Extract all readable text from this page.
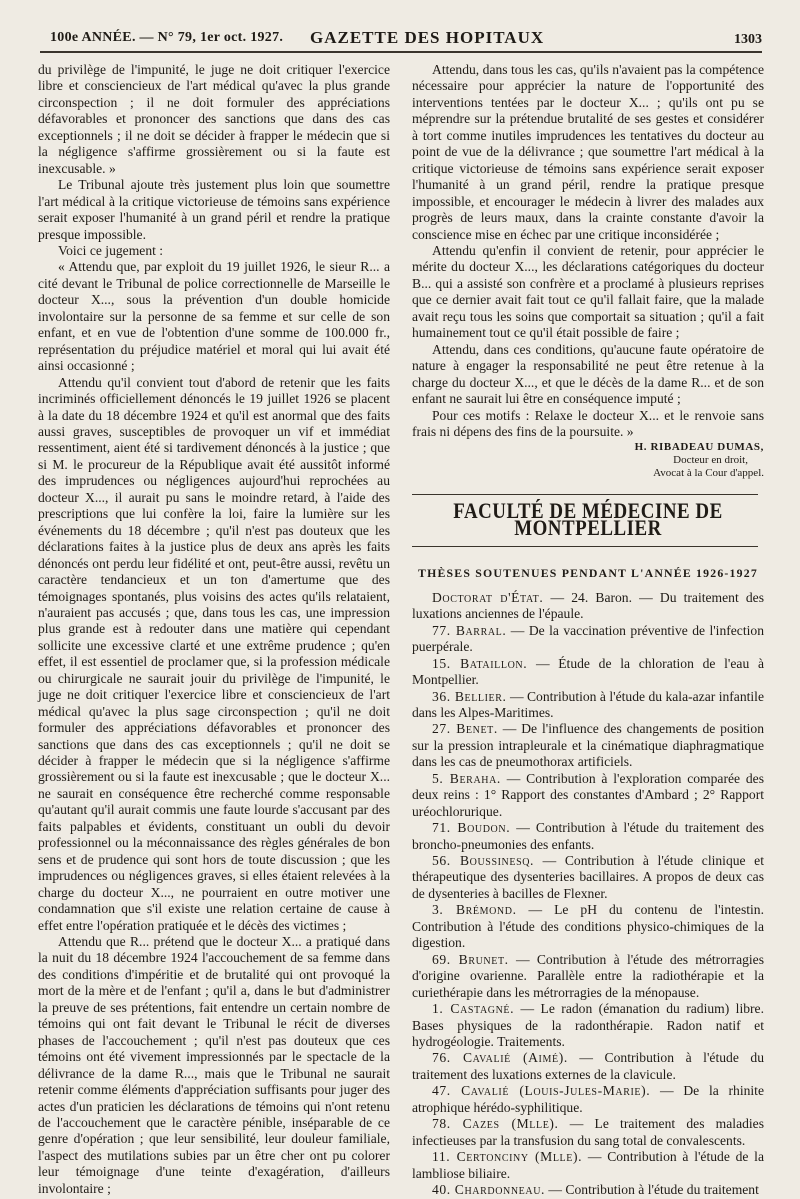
100e ANNÉE. — N° 79, 1er oct. 1927. GAZETTE DES HOPITAUX	1303

du privilège de l'impunité, le juge ne doit critiquer l'exercice libre et consciencieux de l'art médical qu'avec la plus grande circonspection ; il ne doit formuler des appréciations défavorables et prononcer des sanctions que dans des cas exceptionnels ; il ne doit se décider à frapper le médecin que si la négligence s'affirme grossièrement ou si la faute est inexcusable. »

Le Tribunal ajoute très justement plus loin que soumettre l'art médical à la critique victorieuse de témoins sans expérience serait exposer l'humanité à un grand péril et rendre la pratique presque impossible.

Voici ce jugement :

« Attendu que, par exploit du 19 juillet 1926, le sieur R... a cité devant le Tribunal de police correctionnelle de Marseille le docteur X..., sous la prévention d'un double homicide involontaire sur la personne de sa femme et sur celle de son enfant, et en vue de l'obtention d'une somme de 100.000 fr., représentation du préjudice matériel et moral qui lui avait été ainsi occasionné ;

Attendu qu'il convient tout d'abord de retenir que les faits incriminés officiellement dénoncés le 19 juillet 1926 se placent à la date du 18 décembre 1924 et qu'il est anormal que des faits aussi graves, susceptibles de provoquer un vif et immédiat ressentiment, aient été si tardivement dénoncés à la justice ; que si M. le procureur de la République avait été aussitôt informé des imprudences ou négligences aujourd'hui reprochées au docteur X..., il aurait pu sans le moindre retard, à l'aide des prescriptions que lui confère la loi, faire la lumière sur les événements du 18 décembre ; qu'il n'est pas douteux que les déclarations faites à la justice plus de deux ans après les faits dénoncés ont perdu leur fidélité et ont, peut-être aussi, revêtu un caractère tendancieux et un ton d'amertume que des témoignages spontanés, plus voisins des actes qu'ils relataient, n'auraient pas accusés ; que, dans tous les cas, une impression plus grande est à redouter dans une matière qui cependant sollicite une excessive clarté et une extrême prudence ; qu'en effet, il est essentiel de proclamer que, si la profession médicale ou chirurgicale ne saurait jouir du privilège de l'impunité, le juge ne doit critiquer l'exercice libre et consciencieux de l'art médical qu'avec la plus sage circonspection ; qu'il ne doit formuler des appréciations défavorables et prononcer des sanctions que dans des cas exceptionnels ; qu'il ne doit se décider à frapper le médecin que si la négligence s'affirme grossièrement ou si la faute est inexcusable ; que le docteur X... ne saurait en conséquence être recherché comme responsable qu'autant qu'il aurait commis une faute lourde s'accusant par des faits palpables et évidents, constituant un oubli du devoir professionnel ou la méconnaissance des règles générales de bon sens et de prudence qui sont hors de toute discussion ; que les imprudences ou négligences graves, si elles étaient relevées à la charge du docteur X..., ne pourraient en outre motiver une condamnation que s'il existe une relation certaine de cause à effet entre l'opération pratiquée et le décès des victimes ;

Attendu que R... prétend que le docteur X... a pratiqué dans la nuit du 18 décembre 1924 l'accouchement de sa femme dans des conditions d'impéritie et de brutalité qui ont provoqué la mort de la mère et de l'enfant ; qu'il a, dans le but d'administrer la preuve de ses prétentions, fait entendre un certain nombre de témoins qui ont fait devant le Tribunal le récit de diverses phases de l'accouchement ; qu'il n'est pas douteux que ces témoins ont été vivement impressionnés par le spectacle de la délivrance de la dame R..., mais que le Tribunal ne saurait retenir comme éléments d'appréciation suffisants pour juger des actes d'un praticien les déclarations de témoins qui n'ont retenu de l'accouchement que le caractère pénible, inséparable de ce genre d'opération ; que leur sensibilité, leur douleur familiale, l'aspect des mutilations subies par un être cher ont pu colorer leur témoignage d'une teinte d'exagération, d'ailleurs involontaire ;

Attendu, dans tous les cas, qu'ils n'avaient pas la compétence nécessaire pour apprécier la nature de l'opportunité des interventions tentées par le docteur X... ; qu'ils ont pu se méprendre sur la prétendue brutalité de ses gestes et considérer à tort comme inutiles imprudences les tentatives du docteur au point de vue de la délivrance ; que soumettre l'art médical à la critique victorieuse de témoins sans expérience serait exposer l'humanité à un grand péril, rendre la pratique presque impossible, et encourager le médecin à livrer des malades aux progrès de leurs maux, dans la crainte constante d'avoir la conscience mise en échec par une critique inconsidérée ;

Attendu qu'enfin il convient de retenir, pour apprécier le mérite du docteur X..., les déclarations catégoriques du docteur B... qui a assisté son confrère et a proclamé à plusieurs reprises que ce dernier avait fait tout ce qu'il fallait faire, que la malade avait reçu tous les soins que comportait sa situation ; qu'il a fait humainement tout ce qu'il était possible de faire ;

Attendu, dans ces conditions, qu'aucune faute opératoire de nature à engager la responsabilité ne peut être retenue à la charge du docteur X..., et que le décès de la dame R... et de son enfant ne saurait lui être en conséquence imputé ;

Pour ces motifs : Relaxe le docteur X... et le renvoie sans frais ni dépens des fins de la poursuite. »

H. RIBADEAU DUMAS,
Docteur en droit,
Avocat à la Cour d'appel.
FACULTÉ DE MÉDECINE DE MONTPELLIER
THÈSES SOUTENUES PENDANT L'ANNÉE 1926-1927

Doctorat d'État. — 24. Baron. — Du traitement des luxations anciennes de l'épaule.

77. Barral. — De la vaccination préventive de l'infection puerpérale.

15. Bataillon. — Étude de la chloration de l'eau à Montpellier.

36. Bellier. — Contribution à l'étude du kala-azar infantile dans les Alpes-Maritimes.

27. Benet. — De l'influence des changements de position sur la pression intrapleurale et la cinématique diaphragmatique dans les cas de pneumothorax artificiels.

5. Beraha. — Contribution à l'exploration comparée des deux reins : 1° Rapport des constantes d'Ambard ; 2° Rapport uréochlorurique.

71. Boudon. — Contribution à l'étude du traitement des broncho-pneumonies des enfants.

56. Boussinesq. — Contribution à l'étude clinique et thérapeutique des dysenteries bacillaires. A propos de deux cas de dysenteries à bacilles de Flexner.

3. Brémond. — Le pH du contenu de l'intestin. Contribution à l'étude des conditions physico-chimiques de la digestion.

69. Brunet. — Contribution à l'étude des métrorragies d'origine ovarienne. Parallèle entre la radiothérapie et la curiethérapie dans les métrorragies de la ménopause.

1. Castagné. — Le radon (émanation du radium) libre. Bases physiques de la radonthérapie. Radon natif et hydrogéologie. Traitements.

76. Cavalié (Aimé). — Contribution à l'étude du traitement des luxations externes de la clavicule.

47. Cavalié (Louis-Jules-Marie). — De la rhinite atrophique hérédo-syphilitique.

78. Cazes (Mlle). — Le traitement des maladies infectieuses par la transfusion du sang total de convalescents.

11. Certonciny (Mlle). — Contribution à l'étude de la lambliose biliaire.

40. Chardonneau. — Contribution à l'étude du traitement
